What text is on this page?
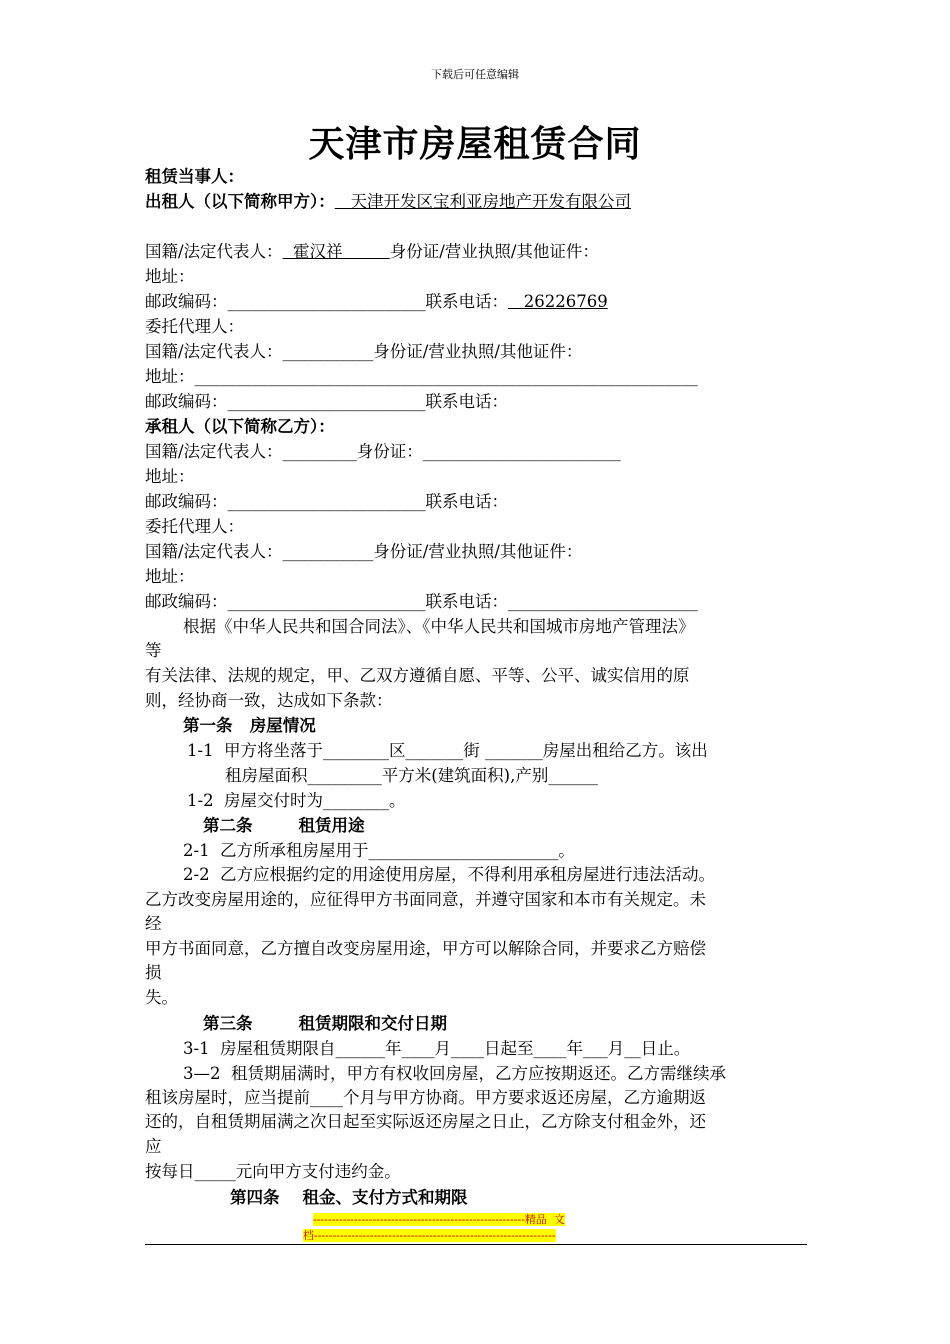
下载后可任意编辑
天津市房屋租赁合同
租赁当事人：
出租人（以下简称甲方）：   天津开发区宝利亚房地产开发有限公司
国籍/法定代表人：  霍汉祥         身份证/营业执照/其他证件：
地址：
邮政编码：________________________联系电话：   26226769
委托代理人：
国籍/法定代表人：___________身份证/营业执照/其他证件：
地址：_____________________________________________________________
邮政编码：________________________联系电话：
承租人（以下简称乙方）：
国籍/法定代表人：_________身份证：________________________
地址：
邮政编码：________________________联系电话：
委托代理人：
国籍/法定代表人：___________身份证/营业执照/其他证件：
地址：
邮政编码：________________________联系电话：_______________________
根据《中华人民共和国合同法》、《中华人民共和国城市房地产管理法》
等
有关法律、法规的规定，甲、乙双方遵循自愿、平等、公平、诚实信用的原
则，经协商一致，达成如下条款：
第一条   房屋情况
1-1  甲方将坐落于________区_______街 _______房屋出租给乙方。该出
租房屋面积_________平方米(建筑面积),产别______
1-2  房屋交付时为________。
第二条        租赁用途
2-1  乙方所承租房屋用于_______________________。
2-2  乙方应根据约定的用途使用房屋，不得利用承租房屋进行违法活动。
乙方改变房屋用途的，应征得甲方书面同意，并遵守国家和本市有关规定。未
经
甲方书面同意，乙方擅自改变房屋用途，甲方可以解除合同，并要求乙方赔偿
损
失。
第三条        租赁期限和交付日期
3-1  房屋租赁期限自______年____月____日起至____年___月__日止。
3—2  租赁期届满时，甲方有权收回房屋，乙方应按期返还。乙方需继续承
租该房屋时，应当提前____个月与甲方协商。甲方要求返还房屋，乙方逾期返
还的，自租赁期届满之次日起至实际返还房屋之日止，乙方除支付租金外，还
应
按每日_____元向甲方支付违约金。
第四条    租金、支付方式和期限
---------------------------------------------------------精品  文
档-----------------------------------------------------------------
